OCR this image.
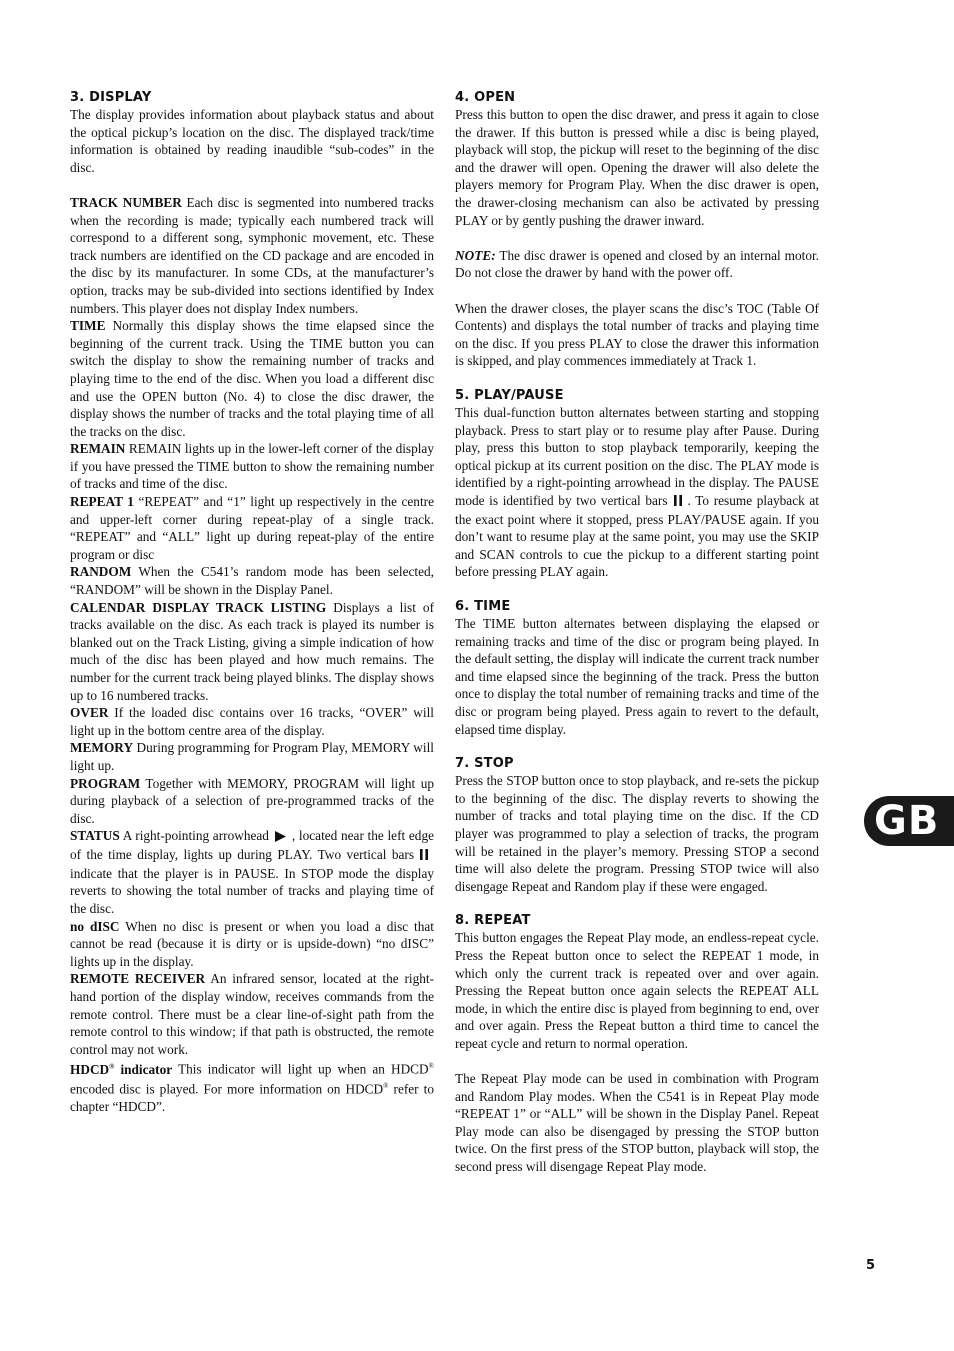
3. DISPLAY

The display provides information about playback status and about the optical pickup’s location on the disc. The displayed track/time information is obtained by reading inaudible “sub-codes” in the disc.

TRACK NUMBER Each disc is segmented into numbered tracks when the recording is made; typically each numbered track will correspond to a different song, symphonic movement, etc. These track numbers are identified on the CD package and are encoded in the disc by its manufacturer. In some CDs, at the manufacturer’s option, tracks may be sub-divided into sections identified by Index numbers. This player does not display Index numbers.

TIME Normally this display shows the time elapsed since the beginning of the current track. Using the TIME button you can switch the display to show the remaining number of tracks and playing time to the end of the disc. When you load a different disc and use the OPEN button (No. 4) to close the disc drawer, the display shows the number of tracks and the total playing time of all the tracks on the disc.

REMAIN REMAIN lights up in the lower-left corner of the display if you have pressed the TIME button to show the remaining number of tracks and time of the disc.

REPEAT 1 “REPEAT” and “1” light up respectively in the centre and upper-left corner during repeat-play of a single track. “REPEAT” and “ALL” light up during repeat-play of the entire program or disc

RANDOM When the C541’s random mode has been selected, “RANDOM” will be shown in the Display Panel.

CALENDAR DISPLAY TRACK LISTING Displays a list of tracks available on the disc. As each track is played its number is blanked out on the Track Listing, giving a simple indication of how much of the disc has been played and how much remains. The number for the current track being played blinks. The display shows up to 16 numbered tracks.

OVER If the loaded disc contains over 16 tracks, “OVER” will light up in the bottom centre area of the display.

MEMORY During programming for Program Play, MEMORY will light up.

PROGRAM Together with MEMORY, PROGRAM will light up during playback of a selection of pre-programmed tracks of the disc.

STATUS A right-pointing arrowhead , located near the left edge of the time display, lights up during PLAY. Two vertical barsindicate that the player is in PAUSE. In STOP mode the display reverts to showing the total number of tracks and playing time of the disc.

no dISC When no disc is present or when you load a disc that cannot be read (because it is dirty or is upside-down) “no dISC” lights up in the display.

REMOTE RECEIVER An infrared sensor, located at the right-hand portion of the display window, receives commands from the remote control. There must be a clear line-of-sight path from the remote control to this window; if that path is obstructed, the remote control may not work.

HDCD® indicator This indicator will light up when an HDCD® encoded disc is played. For more information on HDCD® refer to chapter “HDCD”.

4. OPEN

Press this button to open the disc drawer, and press it again to close the drawer. If this button is pressed while a disc is being played, playback will stop, the pickup will reset to the beginning of the disc and the drawer will open. Opening the drawer will also delete the players memory for Program Play. When the disc drawer is open, the drawer-closing mechanism can also be activated by pressing PLAY or by gently pushing the drawer inward.

NOTE: The disc drawer is opened and closed by an internal motor. Do not close the drawer by hand with the power off.

When the drawer closes, the player scans the disc’s TOC (Table Of Contents) and displays the total number of tracks and playing time on the disc. If you press PLAY to close the drawer this information is skipped, and play commences immediately at Track 1.

5. PLAY/PAUSE

This dual-function button alternates between starting and stopping playback. Press to start play or to resume play after Pause. During play, press this button to stop playback temporarily, keeping the optical pickup at its current position on the disc. The PLAY mode is identified by a right-pointing arrowhead in the display. The PAUSE mode is identified by two vertical bars . To resume playback at the exact point where it stopped, press PLAY/PAUSE again. If you don’t want to resume play at the same point, you may use the SKIP and SCAN controls to cue the pickup to a different starting point before pressing PLAY again.

6. TIME

The TIME button alternates between displaying the elapsed or remaining tracks and time of the disc or program being played. In the default setting, the display will indicate the current track number and time elapsed since the beginning of the track. Press the button once to display the total number of remaining tracks and time of the disc or program being played. Press again to revert to the default, elapsed time display.

7. STOP

Press the STOP button once to stop playback, and re-sets the pickup to the beginning of the disc. The display reverts to showing the number of tracks and total playing time on the disc. If the CD player was programmed to play a selection of tracks, the program will be retained in the player’s memory. Pressing STOP a second time will also delete the program. Pressing STOP twice will also disengage Repeat and Random play if these were engaged.

8. REPEAT

This button engages the Repeat Play mode, an endless-repeat cycle. Press the Repeat button once to select the REPEAT 1 mode, in which only the current track is repeated over and over again. Pressing the Repeat button once again selects the REPEAT ALL mode, in which the entire disc is played from beginning to end, over and over again. Press the Repeat button a third time to cancel the repeat cycle and return to normal operation.

The Repeat Play mode can be used in combination with Program and Random Play modes. When the C541 is in Repeat Play mode “REPEAT 1” or “ALL” will be shown in the Display Panel. Repeat Play mode can also be disengaged by pressing the STOP button twice. On the first press of the STOP button, playback will stop, the second press will disengage Repeat Play mode.

GB
5
